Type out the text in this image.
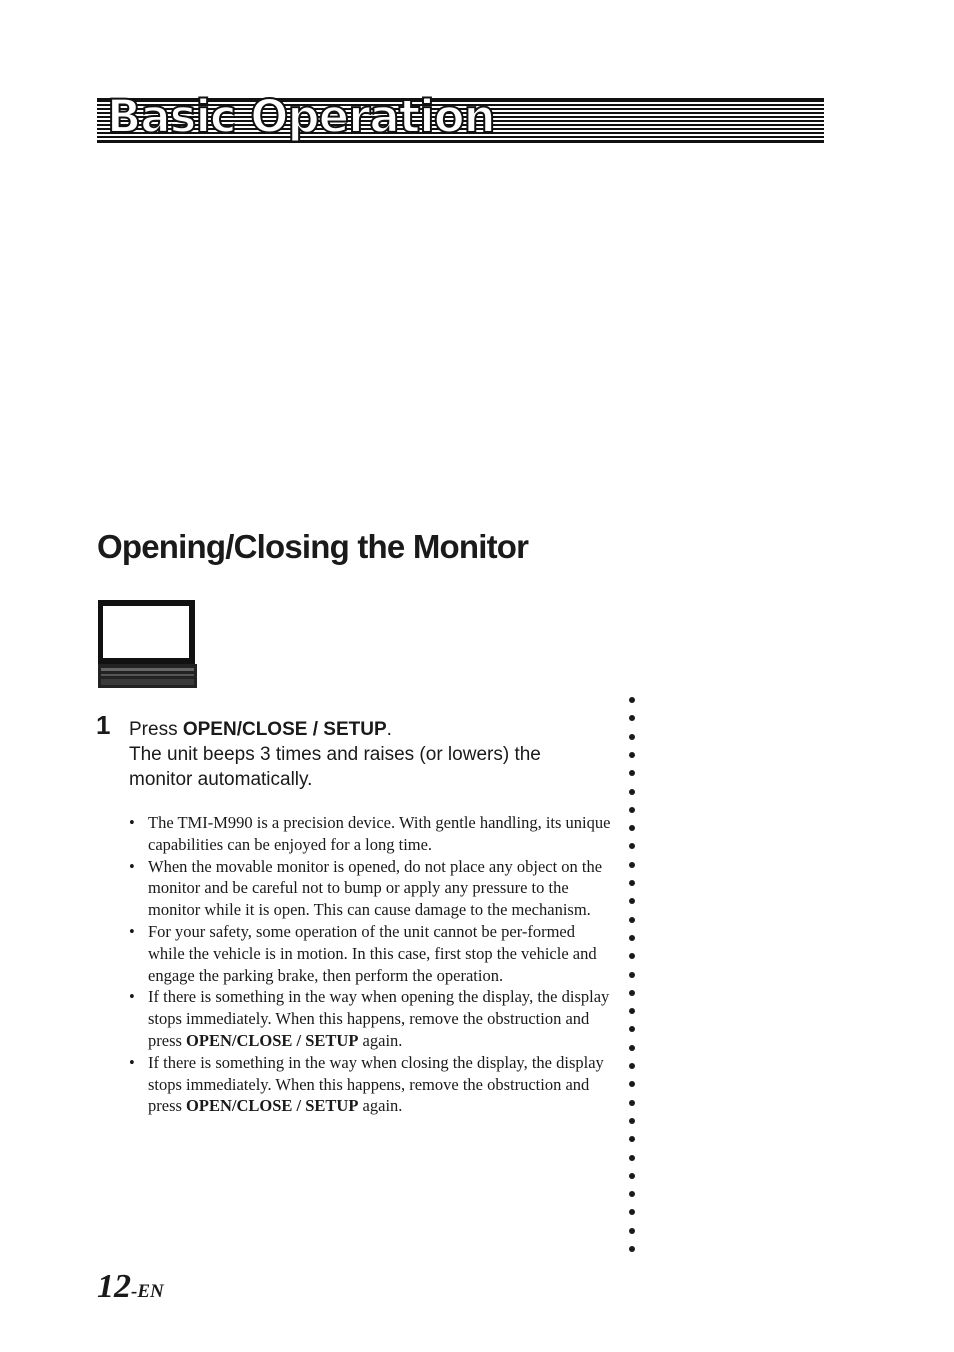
Basic Operation
Opening/Closing the Monitor
1 Press OPEN/CLOSE / SETUP.
The unit beeps 3 times and raises (or lowers) the monitor automatically.
• The TMI-M990 is a precision device. With gentle handling, its unique capabilities can be enjoyed for a long time.
• When the movable monitor is opened, do not place any object on the monitor and be careful not to bump or apply any pressure to the monitor while it is open. This can cause damage to the mechanism.
• For your safety, some operation of the unit cannot be per-formed while the vehicle is in motion. In this case, first stop the vehicle and engage the parking brake, then perform the operation.
• If there is something in the way when opening the display, the display stops immediately. When this happens, remove the obstruction and press OPEN/CLOSE / SETUP again.
• If there is something in the way when closing the display, the display stops immediately. When this happens, remove the obstruction and press OPEN/CLOSE / SETUP again.
12-EN
